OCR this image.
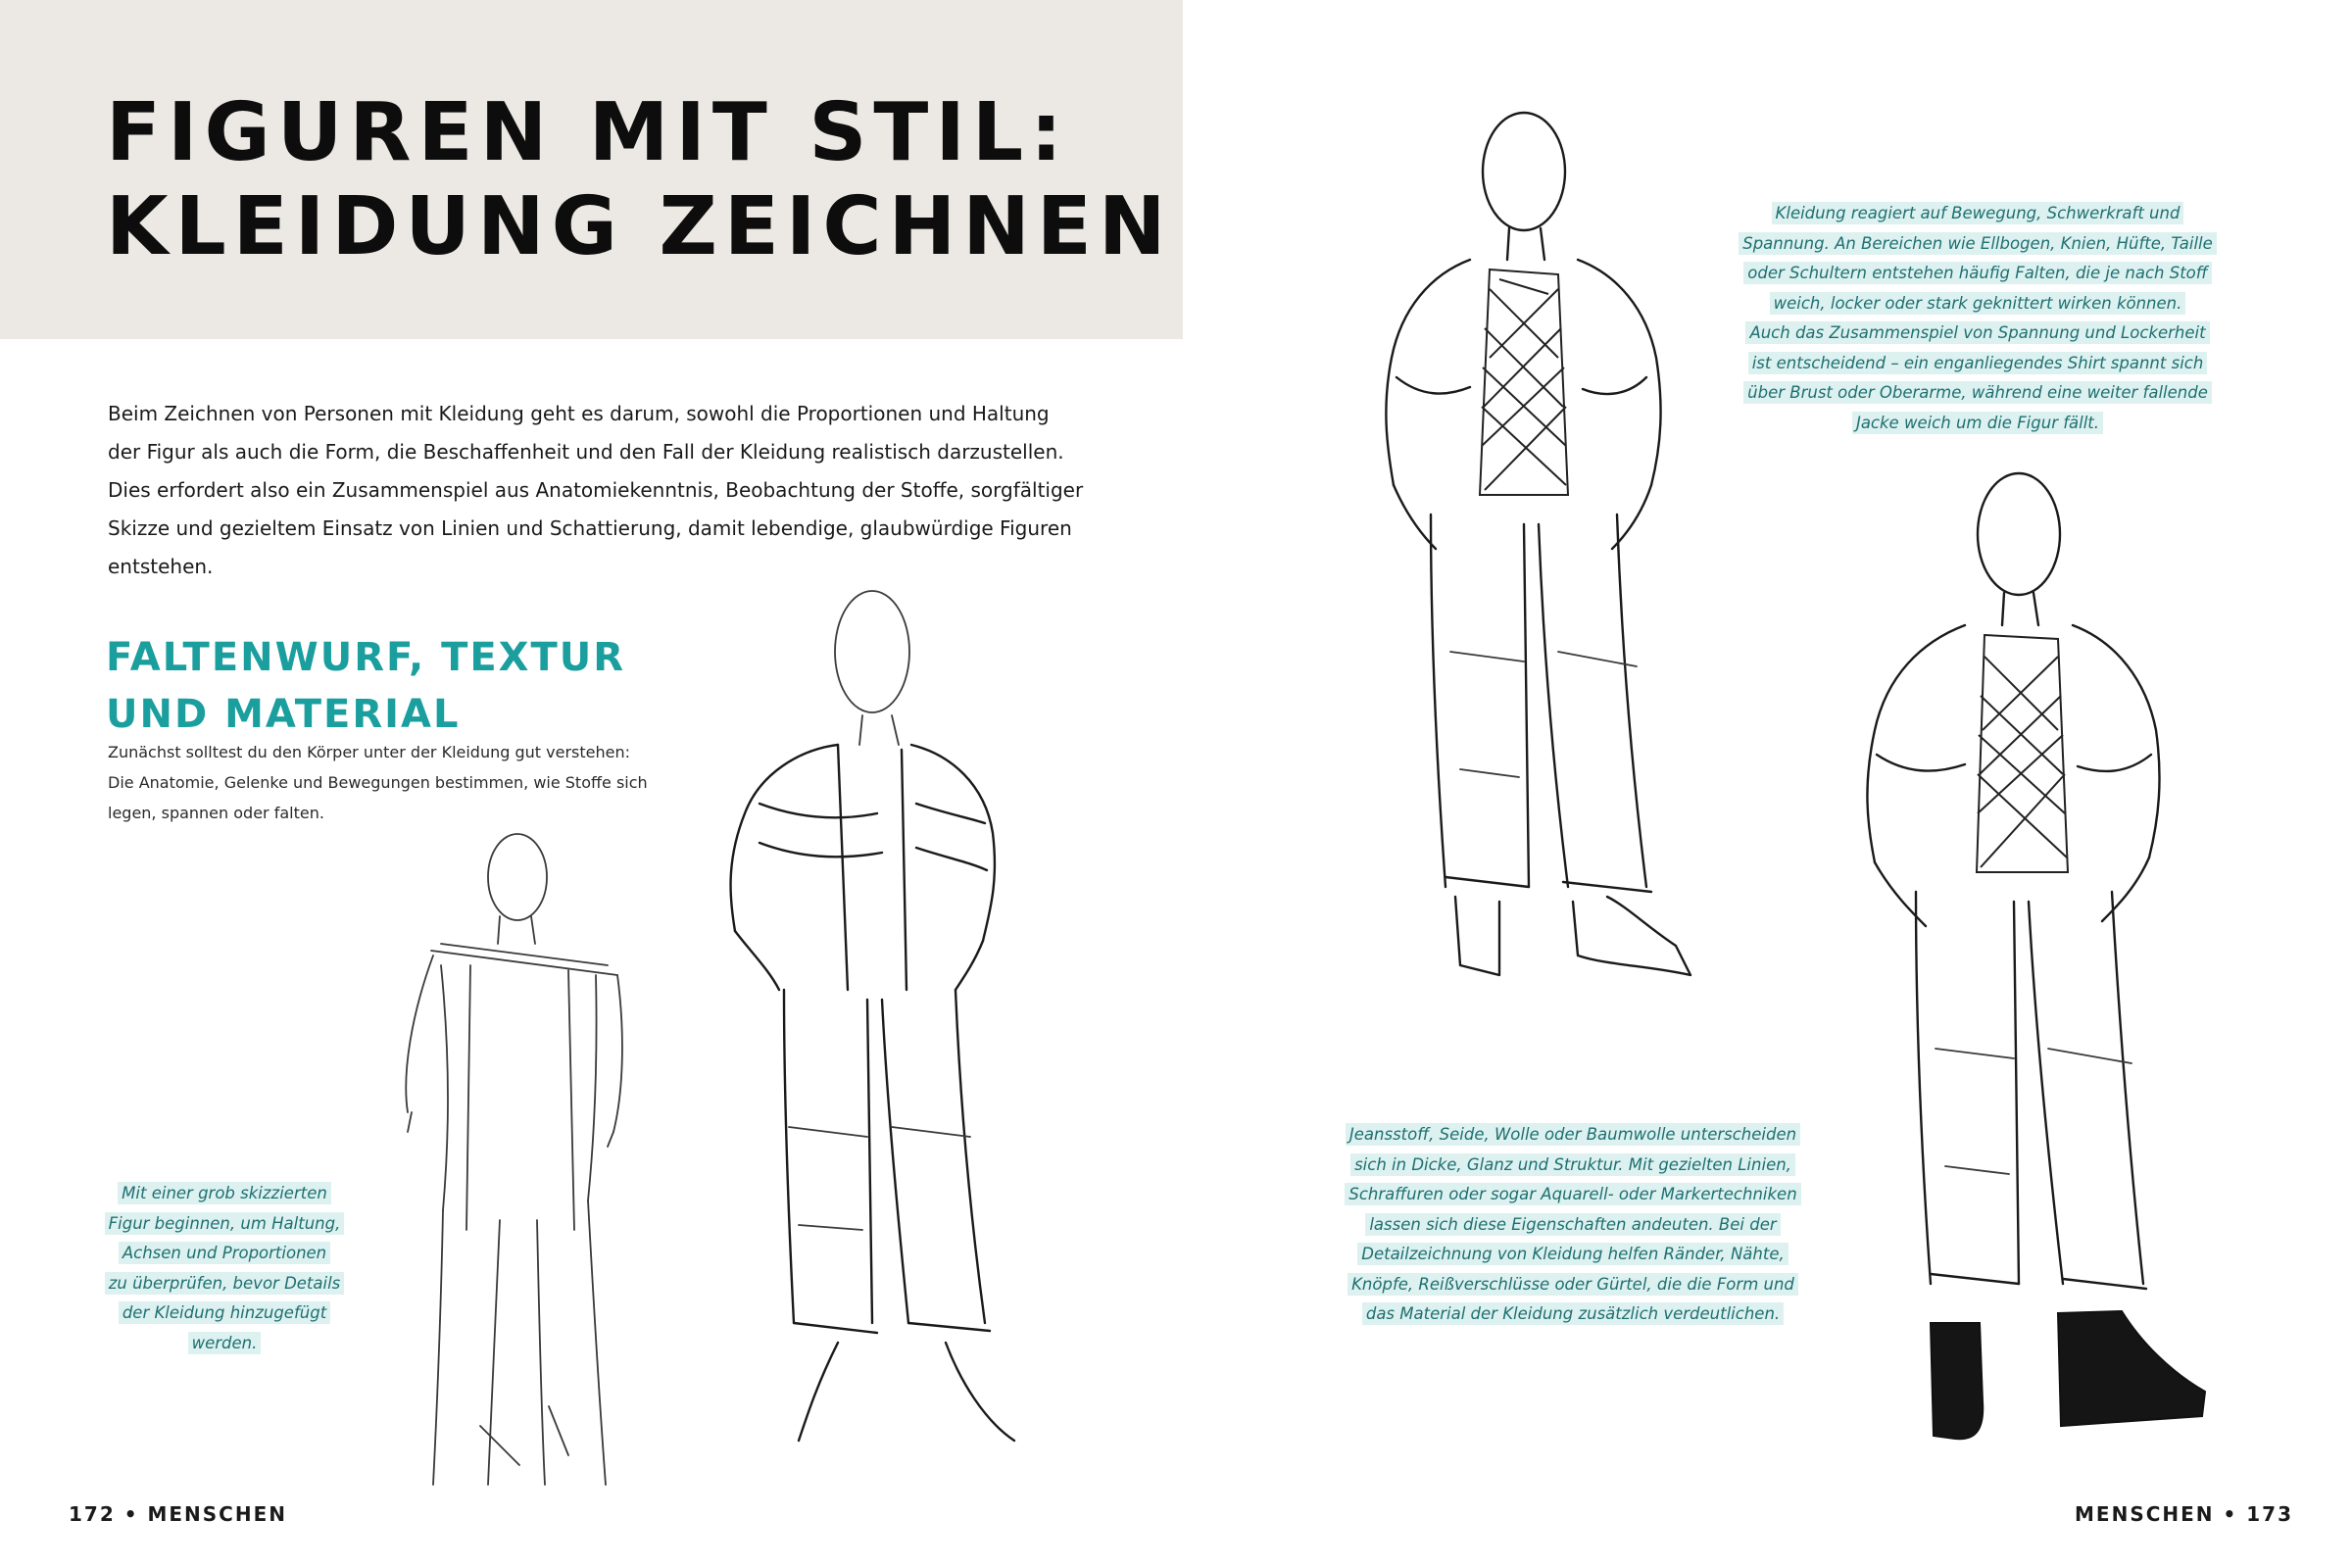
FIGUREN MIT STIL:
KLEIDUNG ZEICHNEN

Beim Zeichnen von Personen mit Kleidung geht es darum, sowohl die Proportionen und Haltung der Figur als auch die Form, die Beschaffenheit und den Fall der Kleidung realistisch darzustellen. Dies erfordert also ein Zusammenspiel aus Anatomiekenntnis, Beobachtung der Stoffe, sorgfältiger Skizze und gezieltem Einsatz von Linien und Schattierung, damit lebendige, glaubwürdige Figuren entstehen.

FALTENWURF, TEXTUR
UND MATERIAL

Zunächst solltest du den Körper unter der Kleidung gut verstehen: Die Anatomie, Gelenke und Bewegungen bestimmen, wie Stoffe sich legen, spannen oder falten.

Mit einer grob skizzierten
Figur beginnen, um Haltung,
Achsen und Proportionen
zu überprüfen, bevor Details
der Kleidung hinzugefügt
werden.
Kleidung reagiert auf Bewegung, Schwerkraft und
Spannung. An Bereichen wie Ellbogen, Knien, Hüfte, Taille
oder Schultern entstehen häufig Falten, die je nach Stoff
weich, locker oder stark geknittert wirken können.
Auch das Zusammenspiel von Spannung und Lockerheit
ist entscheidend – ein enganliegendes Shirt spannt sich
über Brust oder Oberarme, während eine weiter fallende
Jacke weich um die Figur fällt.
Jeansstoff, Seide, Wolle oder Baumwolle unterscheiden
sich in Dicke, Glanz und Struktur. Mit gezielten Linien,
Schraffuren oder sogar Aquarell- oder Markertechniken
lassen sich diese Eigenschaften andeuten. Bei der
Detailzeichnung von Kleidung helfen Ränder, Nähte,
Knöpfe, Reißverschlüsse oder Gürtel, die die Form und
das Material der Kleidung zusätzlich verdeutlichen.

172 • MENSCHEN	MENSCHEN • 173
